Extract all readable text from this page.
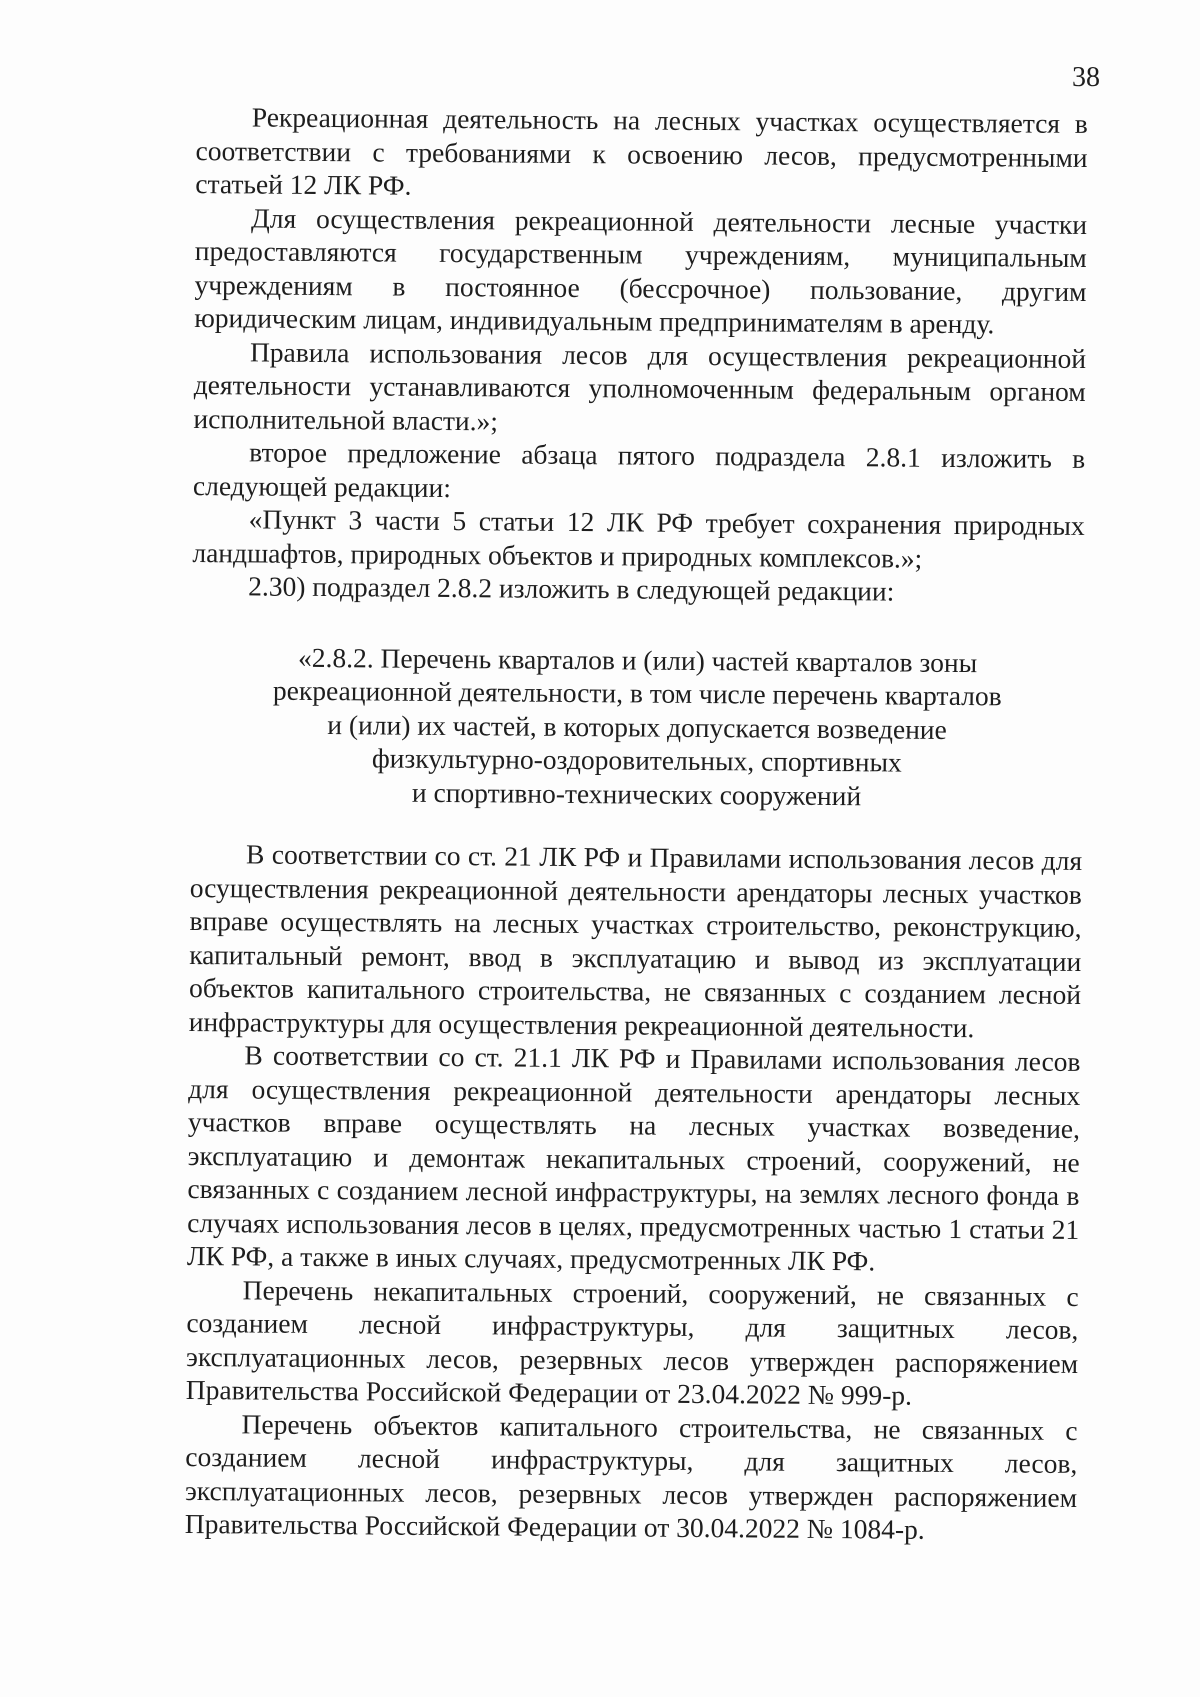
38

Рекреационная деятельность на лесных участках осуществляется в соответствии с требованиями к освоению лесов, предусмотренными статьей 12 ЛК РФ.

Для осуществления рекреационной деятельности лесные участки предоставляются государственным учреждениям, муниципальным учреждениям в постоянное (бессрочное) пользование, другим юридическим лицам, индивидуальным предпринимателям в аренду.

Правила использования лесов для осуществления рекреационной деятельности устанавливаются уполномоченным федеральным органом исполнительной власти.»;

второе предложение абзаца пятого подраздела 2.8.1 изложить в следующей редакции:

«Пункт 3 части 5 статьи 12 ЛК РФ требует сохранения природных ландшафтов, природных объектов и природных комплексов.»;

2.30) подраздел 2.8.2 изложить в следующей редакции:

«2.8.2. Перечень кварталов и (или) частей кварталов зоны
рекреационной деятельности, в том числе перечень кварталов
и (или) их частей, в которых допускается возведение
физкультурно-оздоровительных, спортивных
и спортивно-технических сооружений

В соответствии со ст. 21 ЛК РФ и Правилами использования лесов для осуществления рекреационной деятельности арендаторы лесных участков вправе осуществлять на лесных участках строительство, реконструкцию, капитальный ремонт, ввод в эксплуатацию и вывод из эксплуатации объектов капитального строительства, не связанных с созданием лесной инфраструктуры для осуществления рекреационной деятельности.

В соответствии со ст. 21.1 ЛК РФ и Правилами использования лесов для осуществления рекреационной деятельности арендаторы лесных участков вправе осуществлять на лесных участках возведение, эксплуатацию и демонтаж некапитальных строений, сооружений, не связанных с созданием лесной инфраструктуры, на землях лесного фонда в случаях использования лесов в целях, предусмотренных частью 1 статьи 21 ЛК РФ, а также в иных случаях, предусмотренных ЛК РФ.

Перечень некапитальных строений, сооружений, не связанных с созданием лесной инфраструктуры, для защитных лесов, эксплуатационных лесов, резервных лесов утвержден распоряжением Правительства Российской Федерации от 23.04.2022 № 999-р.

Перечень объектов капитального строительства, не связанных с созданием лесной инфраструктуры, для защитных лесов, эксплуатационных лесов, резервных лесов утвержден распоряжением Правительства Российской Федерации от 30.04.2022 № 1084-р.
